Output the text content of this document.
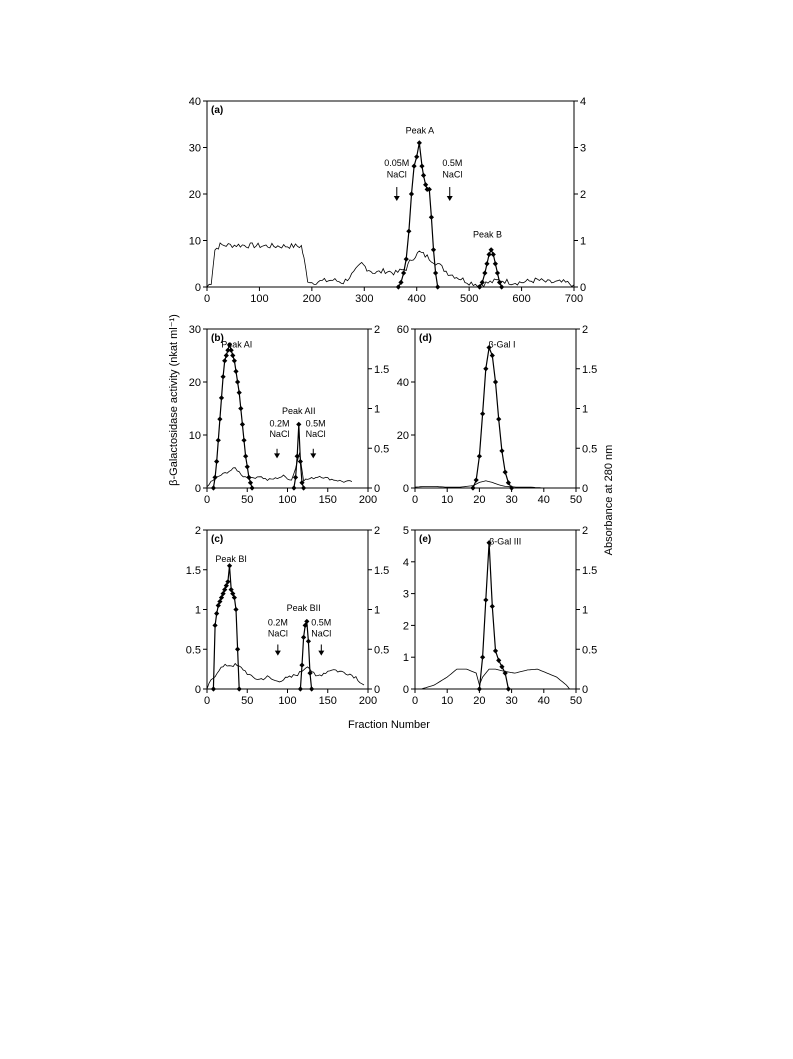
0
10
20
30
40
0
1
2
3
4
0	100	200	300	400	500	600	700
(a)
Peak A
0.05M
NaCl
0.5M
NaCl
Peak B
0
10
20
30
0
0.5
1
1.5
2
0	50 100 150 200
(b)
Peak AI
Peak AII
0.2M
NaCl
0.5M
NaCl
0
0.5
1
1.5
2
0
0.5
1
1.5
2
0	50 100 150 200
(c)
Peak BI
Peak BII
0.2M
NaCl
0.5M
NaCl
0
20
40
60
0
0.5
1
1.5
2
0 10 20 30 40 50
(d)
β-Gal I
0
1
2
3
4
5
0
0.5
1
1.5
2
0 10 20 30 40 50
(e)	β-Gal III
β-Galactosidase activity (nkat ml⁻¹)
Absorbance at 280 nm
Fraction Number
